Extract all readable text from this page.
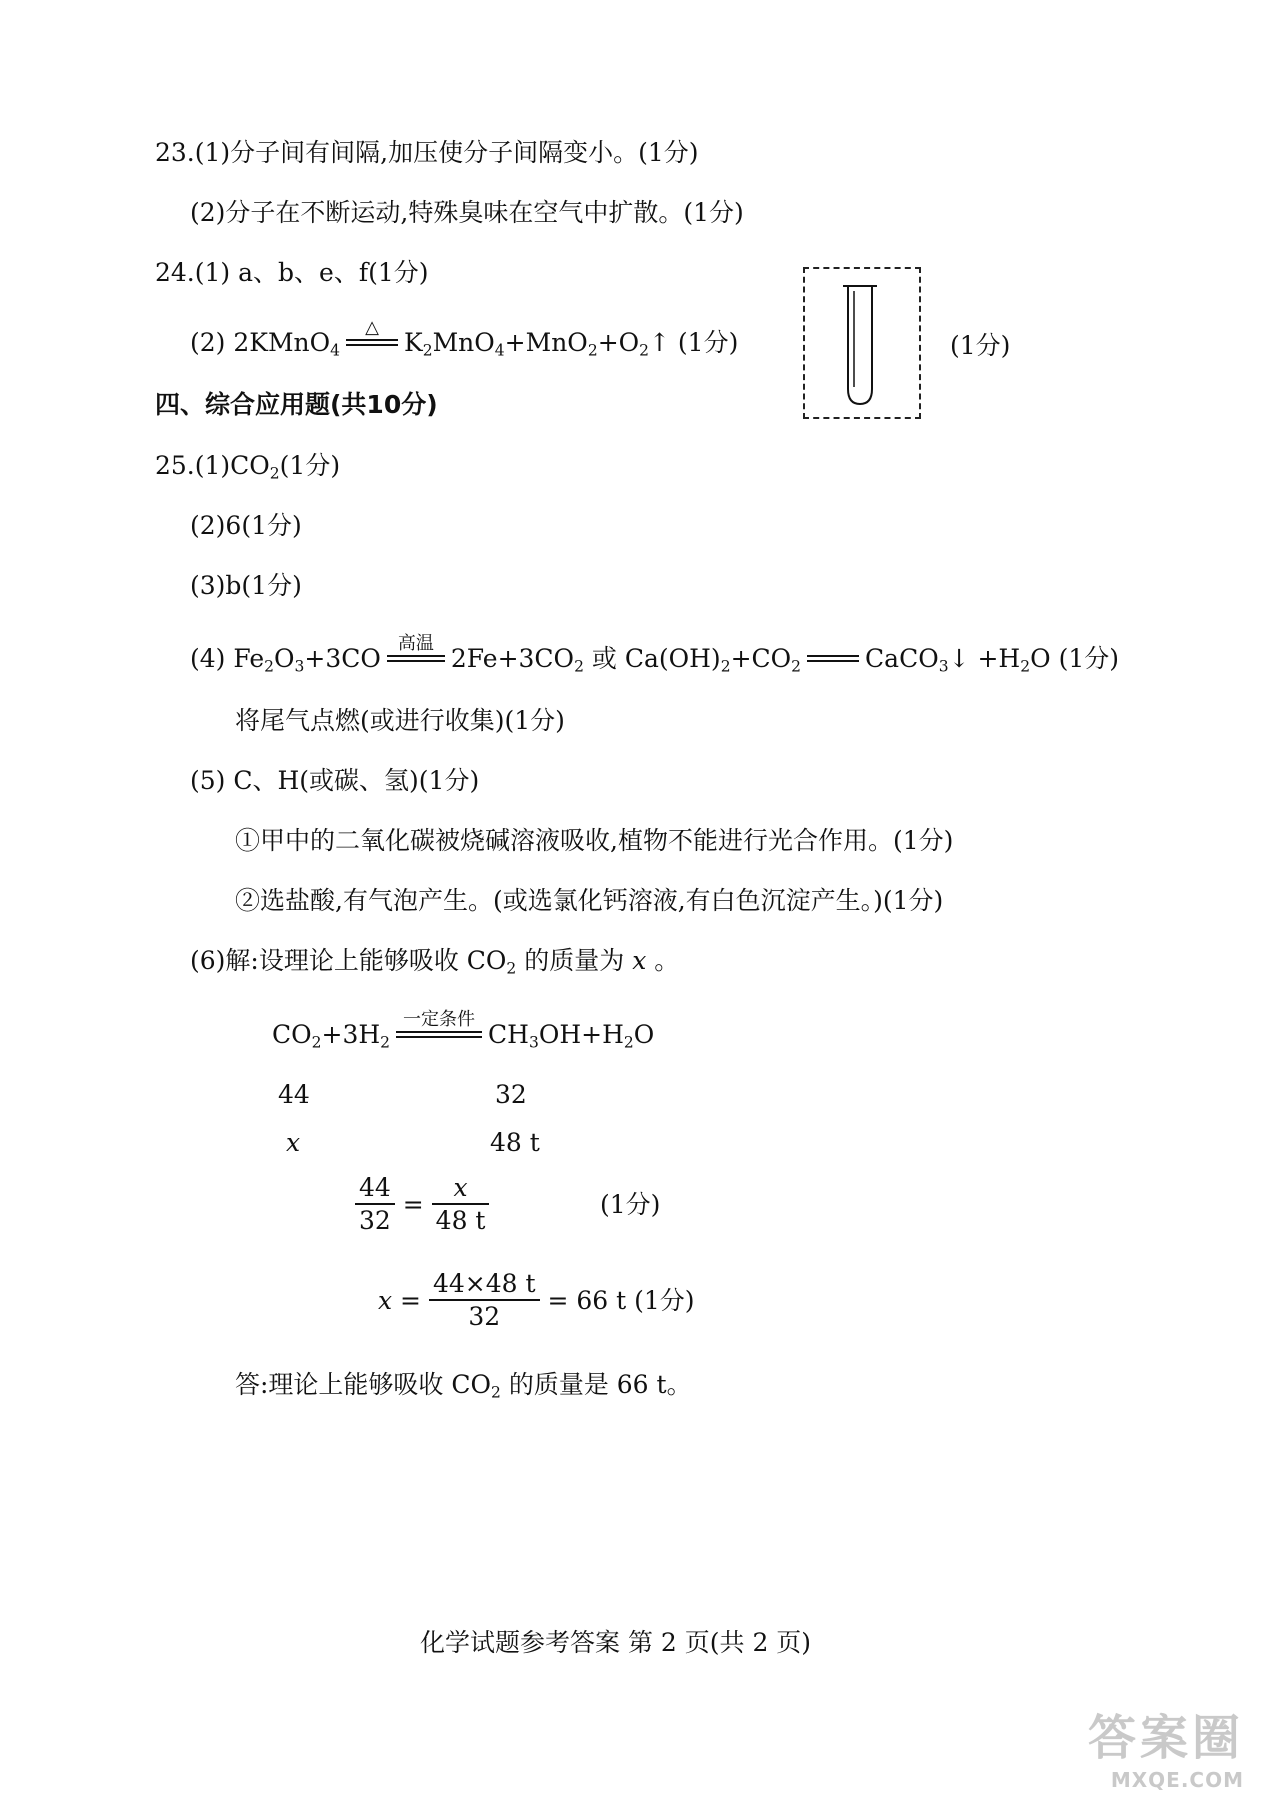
23.(1)分子间有间隔,加压使分子间隔变小。(1分)
(2)分子在不断运动,特殊臭味在空气中扩散。(1分)
24.(1) a、b、e、f(1分)
(2) 2KMnO$_4$
△
$K_2MnO_4+MnO_2+O_2↑$ (1分)	(1分)
四、综合应用题(共10分)
$25.(1)CO_2(1$分)
(2)6(1分)
(3)b(1分)
(4) $Fe_2O_3+3CO$
高温
$2Fe+3CO_2$ 或 $Ca(OH)_2+CO_2$	CaCO$_3$↓ $+H_2O$ (1分)
将尾气点燃(或进行收集)(1分)
(5) C、H(或碳、氢)(1分)
①甲中的二氧化碳被烧碱溶液吸收,植物不能进行光合作用。(1分)
②选盐酸,有气泡产生。(或选氯化钙溶液,有白色沉淀产生。)(1分)
(6)解:设理论上能够吸收 $CO_2$ 的质量为 x 。
$CO_2+3H_2$
一定条件
$CH_3OH+H_2O$
44	32
x	48 t
$\frac{44}{32} = \frac{x}{48 t}$	(1分)
$x = \frac{44\times 48 t}{32} = 66$ t (1分)
答:理论上能够吸收 $CO_2$ 的质量是 66 t。
化学试题参考答案 第 2 页(共 2 页)
答案圈
MXQE.COM
